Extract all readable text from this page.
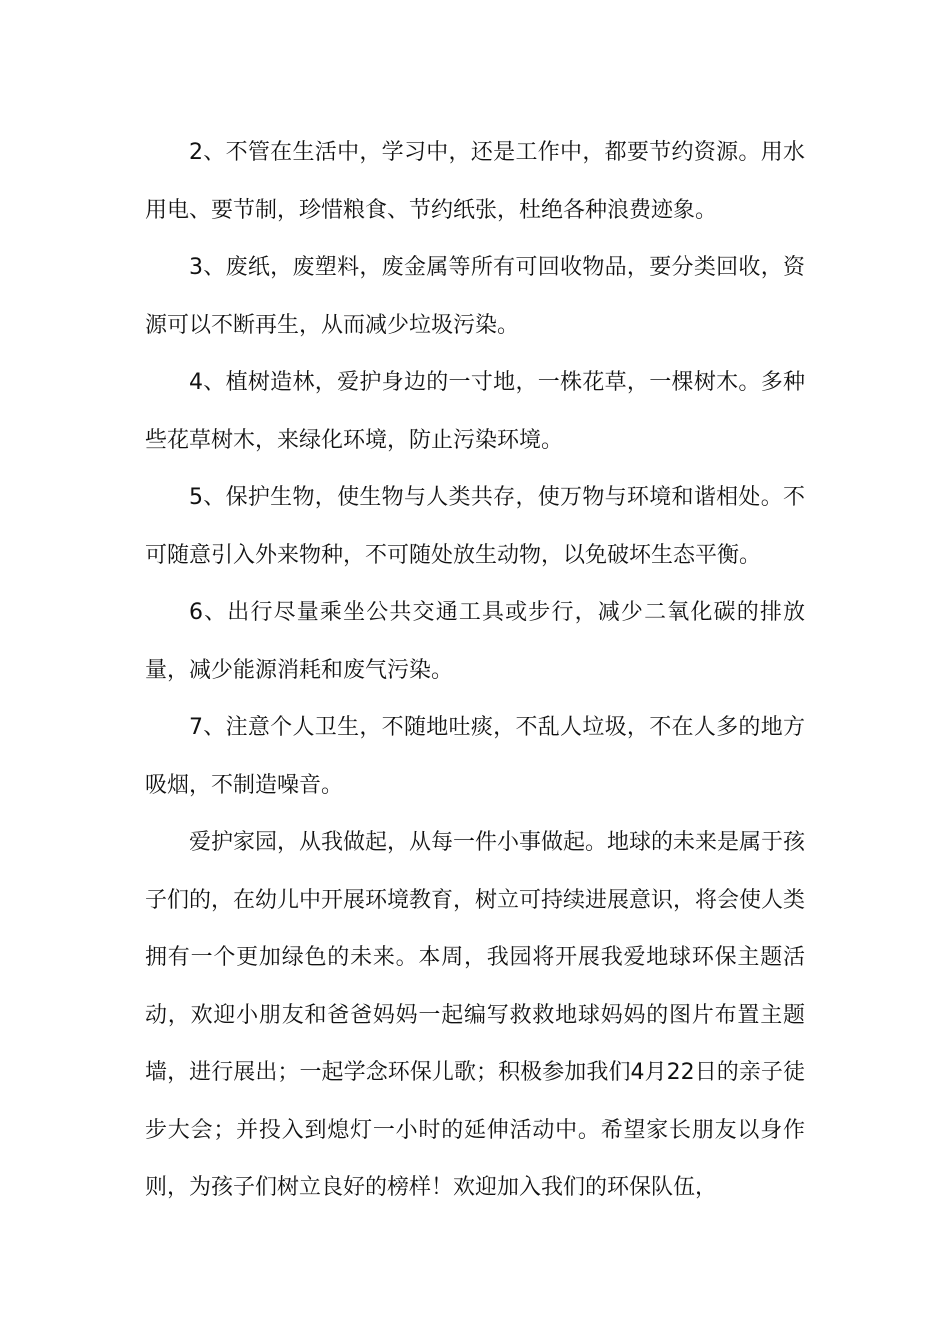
2、不管在生活中，学习中，还是工作中，都要节约资源。用水用电、要节制，珍惜粮食、节约纸张，杜绝各种浪费迹象。

3、废纸，废塑料，废金属等所有可回收物品，要分类回收，资源可以不断再生，从而减少垃圾污染。

4、植树造林，爱护身边的一寸地，一株花草，一棵树木。多种些花草树木，来绿化环境，防止污染环境。

5、保护生物，使生物与人类共存，使万物与环境和谐相处。不可随意引入外来物种，不可随处放生动物，以免破坏生态平衡。

6、出行尽量乘坐公共交通工具或步行，减少二氧化碳的排放量，减少能源消耗和废气污染。

7、注意个人卫生，不随地吐痰，不乱人垃圾，不在人多的地方吸烟，不制造噪音。

爱护家园，从我做起，从每一件小事做起。地球的未来是属于孩子们的，在幼儿中开展环境教育，树立可持续进展意识，将会使人类拥有一个更加绿色的未来。本周，我园将开展我爱地球环保主题活动，欢迎小朋友和爸爸妈妈一起编写救救地球妈妈的图片布置主题墙，进行展出；一起学念环保儿歌；积极参加我们4月22日的亲子徒步大会；并投入到熄灯一小时的延伸活动中。希望家长朋友以身作则，为孩子们树立良好的榜样！欢迎加入我们的环保队伍，
